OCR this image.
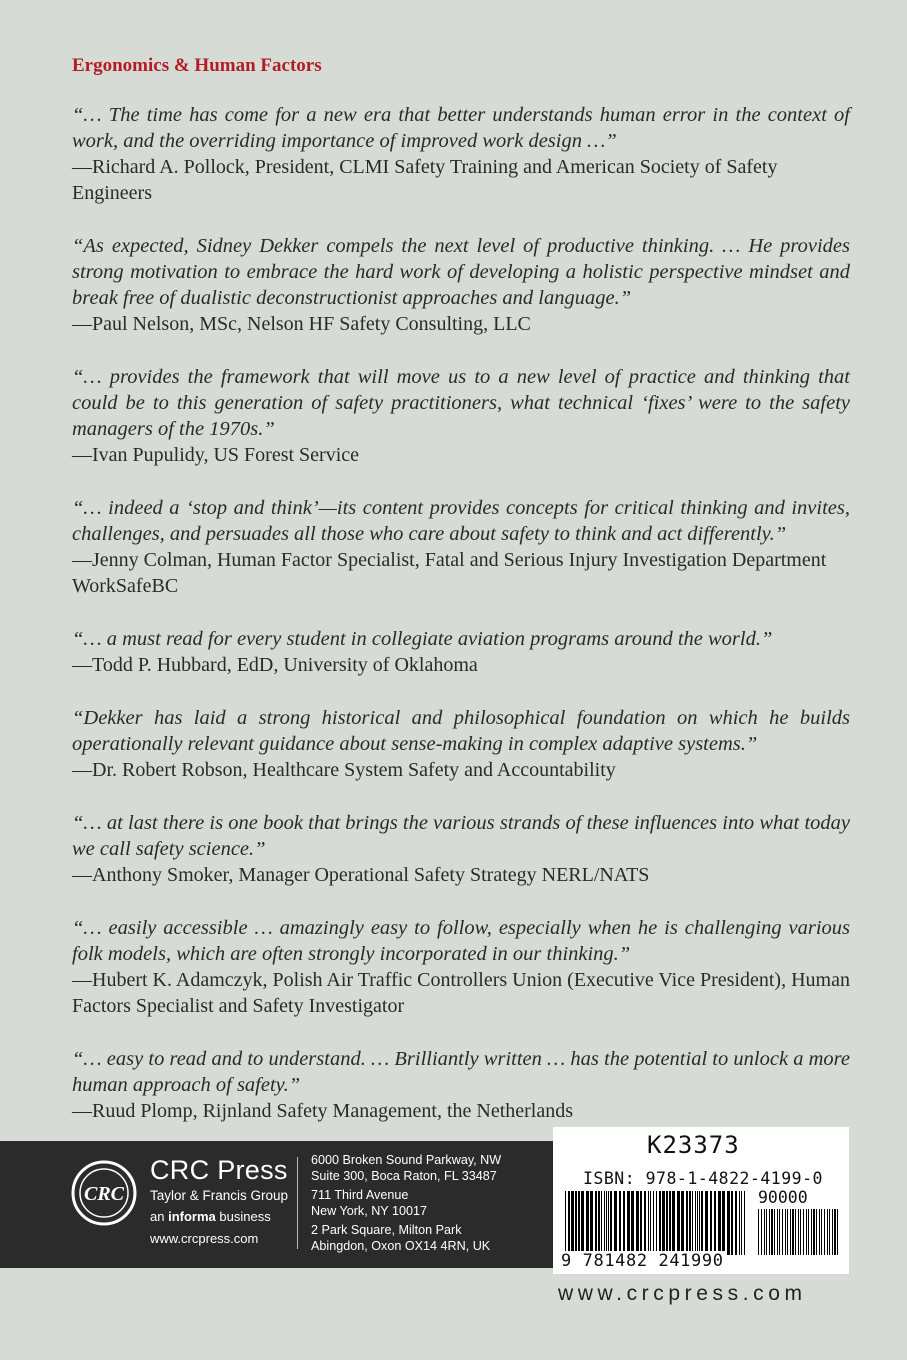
Ergonomics & Human Factors
“… The time has come for a new era that better understands human error in the context of work, and the overriding importance of improved work design …”
—Richard A. Pollock, President, CLMI Safety Training and American Society of Safety Engineers
“As expected, Sidney Dekker compels the next level of productive thinking. … He provides strong motivation to embrace the hard work of developing a holistic perspective mindset and break free of dualistic deconstructionist approaches and language.”
—Paul Nelson, MSc, Nelson HF Safety Consulting, LLC
“… provides the framework that will move us to a new level of practice and thinking that could be to this generation of safety practitioners, what technical ‘fixes’ were to the safety managers of the 1970s.”
—Ivan Pupulidy, US Forest Service
“… indeed a ‘stop and think’—its content provides concepts for critical thinking and invites, challenges, and persuades all those who care about safety to think and act differently.”
—Jenny Colman, Human Factor Specialist, Fatal and Serious Injury Investigation Department WorkSafeBC
“… a must read for every student in collegiate aviation programs around the world.”
—Todd P. Hubbard, EdD, University of Oklahoma
“Dekker has laid a strong historical and philosophical foundation on which he builds operationally relevant guidance about sense-making in complex adaptive systems.”
—Dr. Robert Robson, Healthcare System Safety and Accountability
“… at last there is one book that brings the various strands of these influences into what today we call safety science.”
—Anthony Smoker, Manager Operational Safety Strategy NERL/NATS
“… easily accessible … amazingly easy to follow, especially when he is challenging various folk models, which are often strongly incorporated in our thinking.”
—Hubert K. Adamczyk, Polish Air Traffic Controllers Union (Executive Vice President), Human Factors Specialist and Safety Investigator
“… easy to read and to understand. … Brilliantly written … has the potential to unlock a more human approach of safety.”
—Ruud Plomp, Rijnland Safety Management, the Netherlands
CRC
CRC Press
Taylor & Francis Group
an informa business
www.crcpress.com
6000 Broken Sound Parkway, NW
Suite 300, Boca Raton, FL 33487
711 Third Avenue
New York, NY 10017
2 Park Square, Milton Park
Abingdon, Oxon OX14 4RN, UK
K23373
ISBN: 978-1-4822-4199-0
90000
9 781482 241990
www.crcpress.com
